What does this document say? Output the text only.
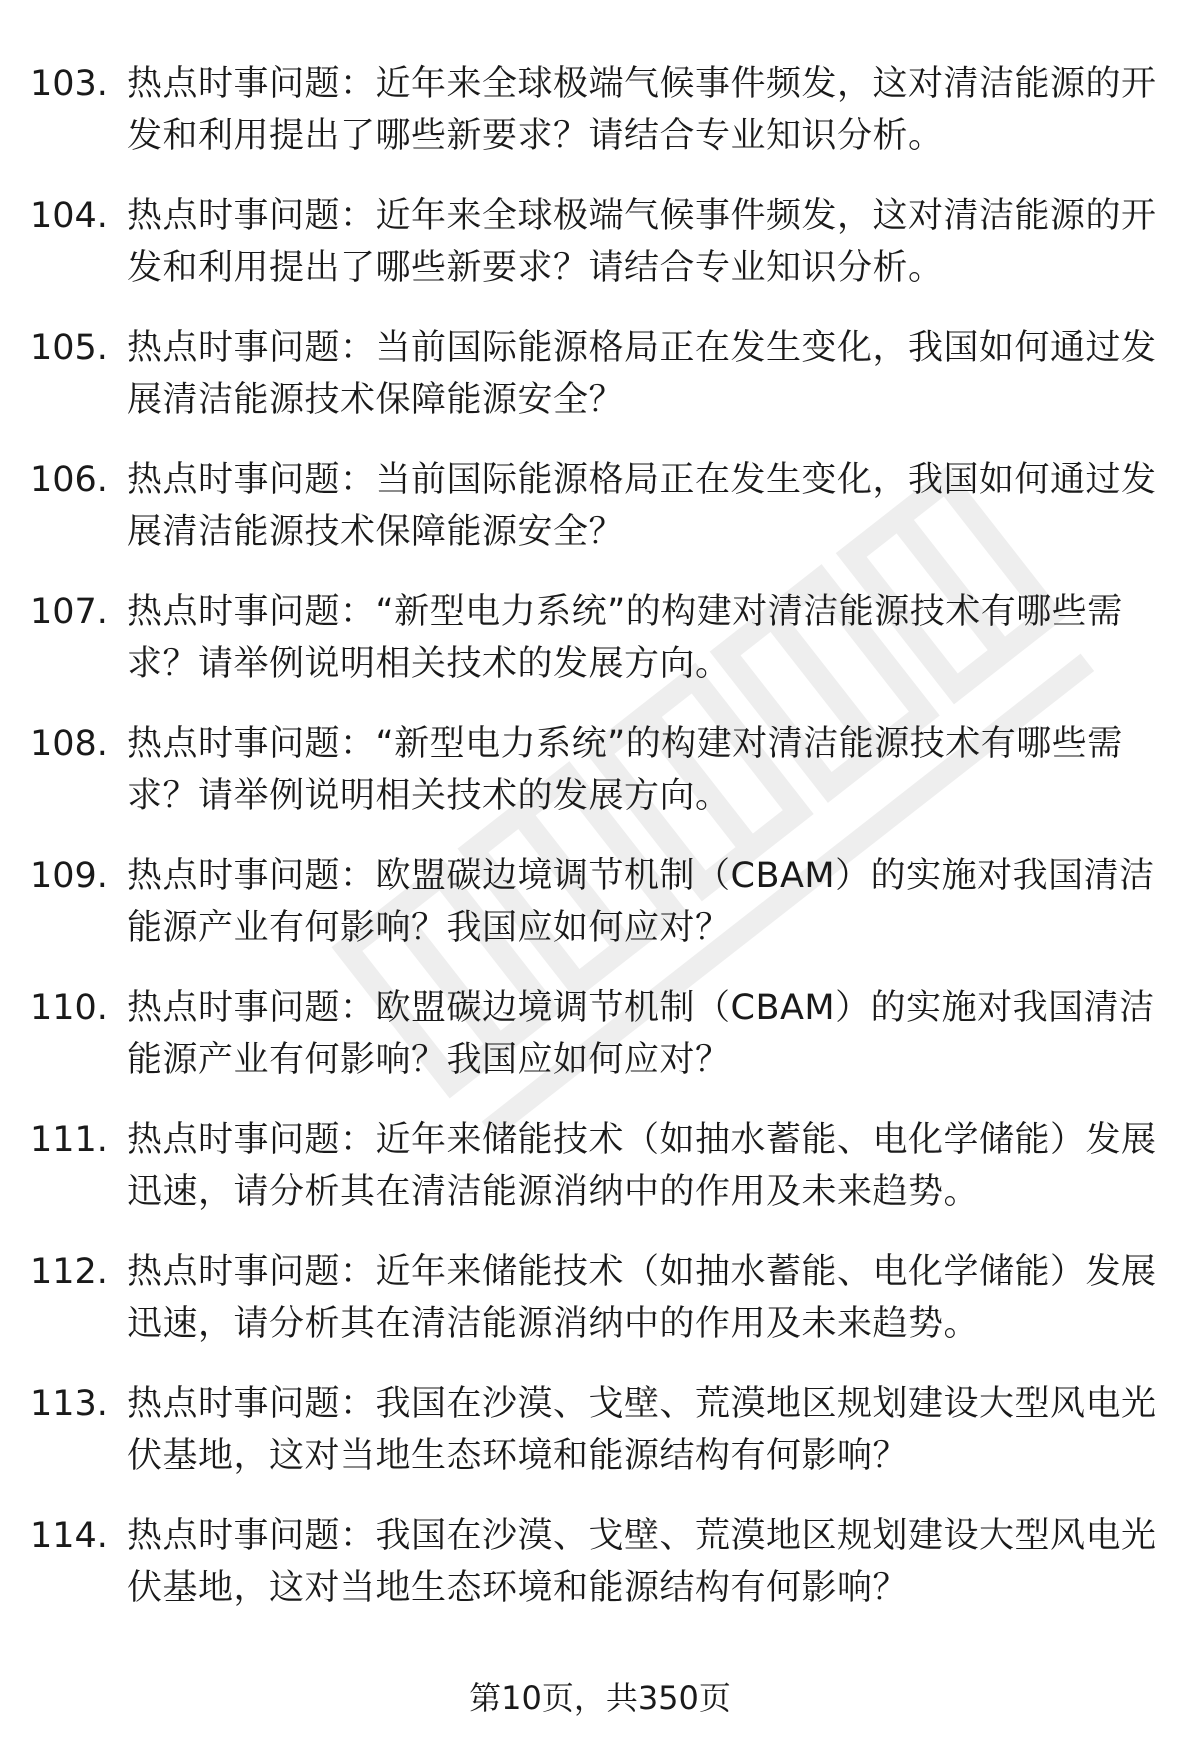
103. 热点时事问题：近年来全球极端气候事件频发，这对清洁能源的开发和利用提出了哪些新要求？请结合专业知识分析。
104. 热点时事问题：近年来全球极端气候事件频发，这对清洁能源的开发和利用提出了哪些新要求？请结合专业知识分析。
105. 热点时事问题：当前国际能源格局正在发生变化，我国如何通过发展清洁能源技术保障能源安全？
106. 热点时事问题：当前国际能源格局正在发生变化，我国如何通过发展清洁能源技术保障能源安全？
107. 热点时事问题：“新型电力系统”的构建对清洁能源技术有哪些需求？请举例说明相关技术的发展方向。
108. 热点时事问题：“新型电力系统”的构建对清洁能源技术有哪些需求？请举例说明相关技术的发展方向。
109. 热点时事问题：欧盟碳边境调节机制（CBAM）的实施对我国清洁能源产业有何影响？我国应如何应对？
110. 热点时事问题：欧盟碳边境调节机制（CBAM）的实施对我国清洁能源产业有何影响？我国应如何应对？
111. 热点时事问题：近年来储能技术（如抽水蓄能、电化学储能）发展迅速，请分析其在清洁能源消纳中的作用及未来趋势。
112. 热点时事问题：近年来储能技术（如抽水蓄能、电化学储能）发展迅速，请分析其在清洁能源消纳中的作用及未来趋势。
113. 热点时事问题：我国在沙漠、戈壁、荒漠地区规划建设大型风电光伏基地，这对当地生态环境和能源结构有何影响？
114. 热点时事问题：我国在沙漠、戈壁、荒漠地区规划建设大型风电光伏基地，这对当地生态环境和能源结构有何影响？
第10页，共350页
